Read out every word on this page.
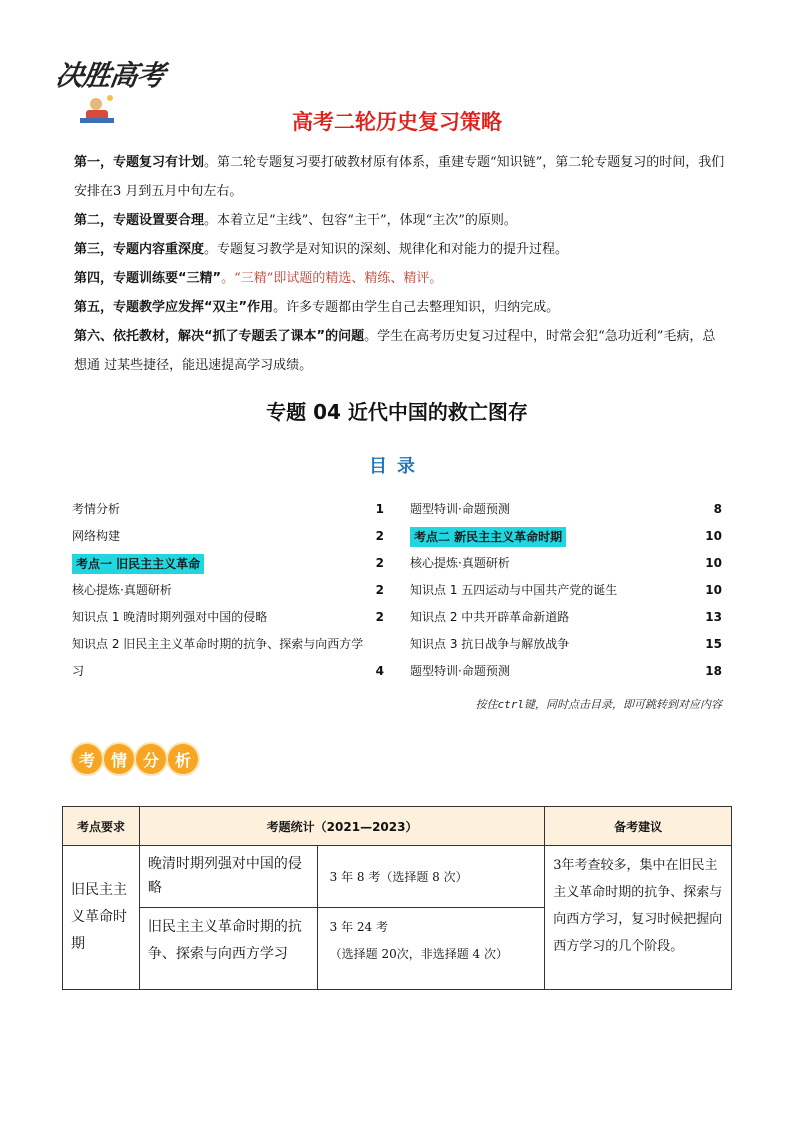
决胜高考
高考二轮历史复习策略

第一，专题复习有计划。第二轮专题复习要打破教材原有体系，重建专题“知识链”，第二轮专题复习的时间，我们安排在3 月到五月中旬左右。

第二，专题设置要合理。本着立足“主线”、包容“主干”，体现“主次”的原则。

第三，专题内容重深度。专题复习教学是对知识的深刻、规律化和对能力的提升过程。

第四，专题训练要“三精”。“三精”即试题的精选、精练、精评。

第五，专题教学应发挥“双主”作用。许多专题都由学生自己去整理知识，归纳完成。

第六、依托教材，解决“抓了专题丢了课本”的问题。学生在高考历史复习过程中，时常会犯“急功近利”毛病，总想通 过某些捷径，能迅速提高学习成绩。

专题 04 近代中国的救亡图存
目录
考情分析	1
网络构建	2
考点一 旧民主主义革命	2
核心提炼·真题研析	2
知识点 1 晚清时期列强对中国的侵略	2
知识点 2 旧民主主义革命时期的抗争、探索与向西方学习	4
题型特训·命题预测	8
考点二 新民主主义革命时期	10
核心提炼·真题研析	10
知识点 1 五四运动与中国共产党的诞生	10
知识点 2 中共开辟革命新道路	13
知识点 3 抗日战争与解放战争	15
题型特训·命题预测	18
按住ctrl键，同时点击目录，即可跳转到对应内容
考 情 分 析
考点要求	考题统计（2021—2023）		备考建议
旧民主主义革命时期	晚清时期列强对中国的侵略	3 年 8 考（选择题 8 次）	3年考查较多，集中在旧民主主义革命时期的抗争、探索与向西方学习，复习时候把握向西方学习的几个阶段。
	旧民主主义革命时期的抗争、探索与向西方学习	3 年 24 考
（选择题 20次，非选择题 4 次）	
